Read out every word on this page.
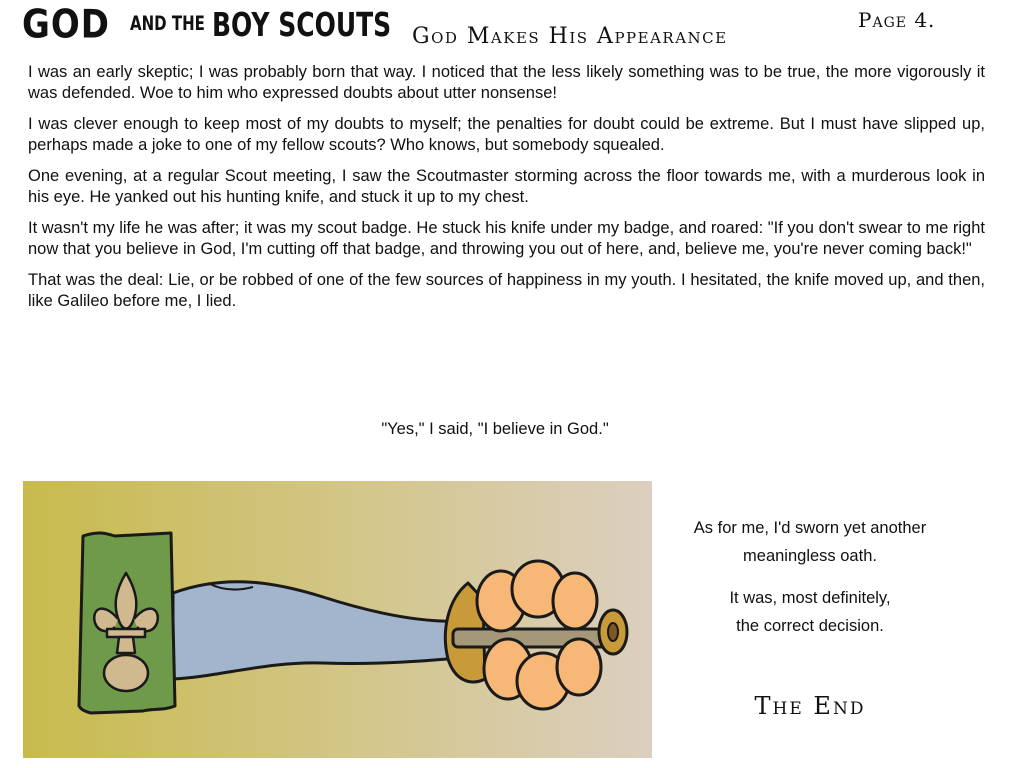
GOD AND THE BOY SCOUTS God Makes His Appearance
Page 4.

I was an early skeptic; I was probably born that way. I noticed that the less likely something was to be true, the more vigorously it was defended. Woe to him who expressed doubts about utter nonsense!

I was clever enough to keep most of my doubts to myself; the penalties for doubt could be extreme. But I must have slipped up, perhaps made a joke to one of my fellow scouts? Who knows, but somebody squealed.

One evening, at a regular Scout meeting, I saw the Scoutmaster storming across the floor towards me, with a murderous look in his eye. He yanked out his hunting knife, and stuck it up to my chest.

It wasn't my life he was after; it was my scout badge. He stuck his knife under my badge, and roared: "If you don't swear to me right now that you believe in God, I'm cutting off that badge, and throwing you out of here, and, believe me, you're never coming back!"

That was the deal: Lie, or be robbed of one of the few sources of happiness in my youth. I hesitated, the knife moved up, and then, like Galileo before me, I lied.

"Yes," I said, "I believe in God."
As for me, I'd sworn yet another

meaningless oath.

It was, most definitely,
the correct decision.
The End
